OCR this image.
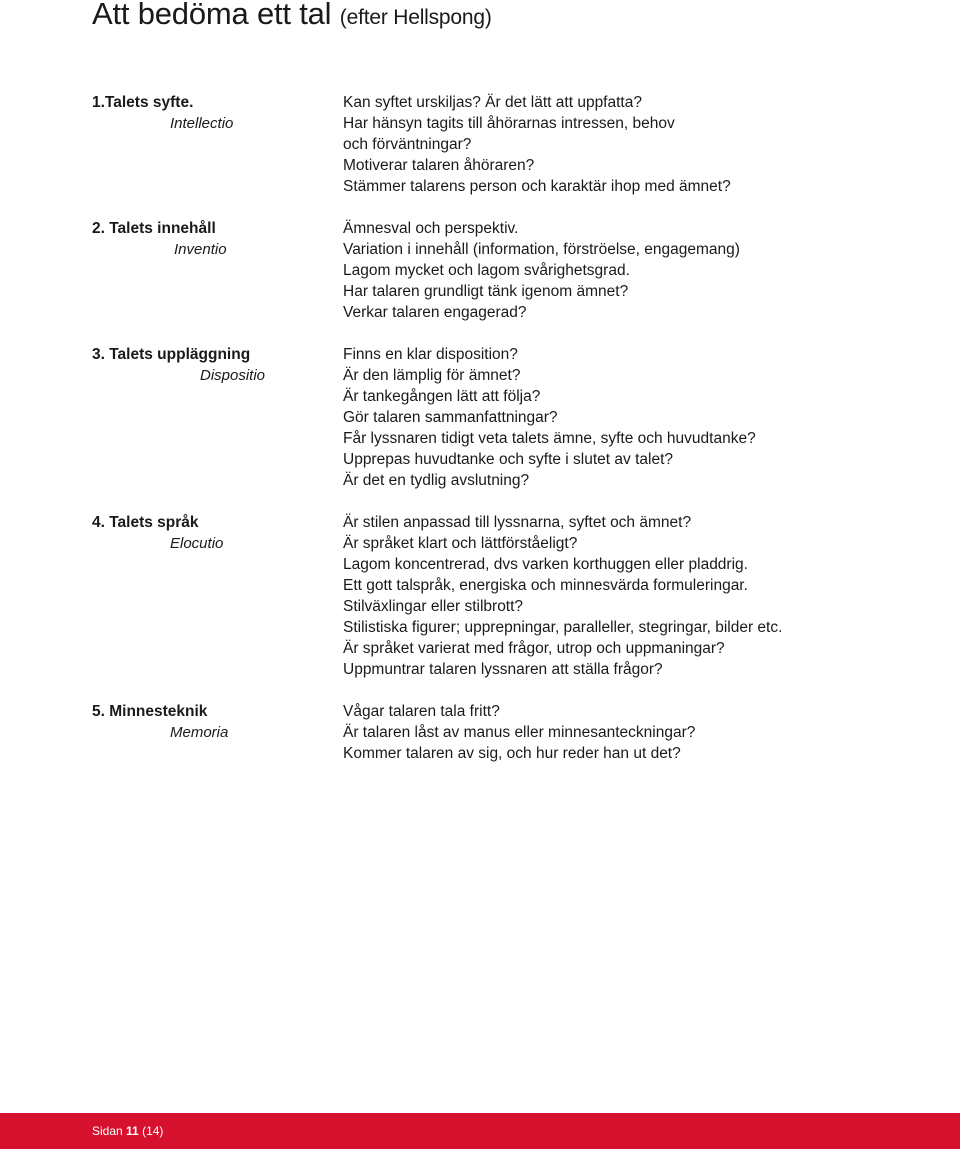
Att bedöma ett tal (efter Hellspong)
1.Talets syfte.
Intellectio
Kan syftet urskiljas? Är det lätt att uppfatta?
Har hänsyn tagits till åhörarnas intressen, behov
och förväntningar?
Motiverar talaren åhöraren?
Stämmer talarens person och karaktär ihop med ämnet?
2. Talets innehåll
Inventio
Ämnesval och perspektiv.
Variation i innehåll (information, förströelse, engagemang)
Lagom mycket och lagom svårighetsgrad.
Har talaren grundligt tänk igenom ämnet?
Verkar talaren engagerad?
3. Talets uppläggning
Dispositio
Finns en klar disposition?
Är den lämplig för ämnet?
Är tankegången lätt att följa?
Gör talaren sammanfattningar?
Får lyssnaren tidigt veta talets ämne, syfte och huvudtanke?
Upprepas huvudtanke och syfte i slutet av talet?
Är det en tydlig avslutning?
4. Talets språk
Elocutio
Är stilen anpassad till lyssnarna, syftet och ämnet?
Är språket klart och lättförståeligt?
Lagom koncentrerad, dvs varken korthuggen eller pladdrig.
Ett gott talspråk, energiska och minnesvärda formuleringar.
Stilväxlingar eller stilbrott?
Stilistiska figurer; upprepningar, paralleller, stegringar, bilder etc.
Är språket varierat med frågor, utrop och uppmaningar?
Uppmuntrar talaren lyssnaren att ställa frågor?
5. Minnesteknik
Memoria
Vågar talaren tala fritt?
Är talaren låst av manus eller minnesanteckningar?
Kommer talaren av sig, och hur reder han ut det?
Sidan 11 (14)
